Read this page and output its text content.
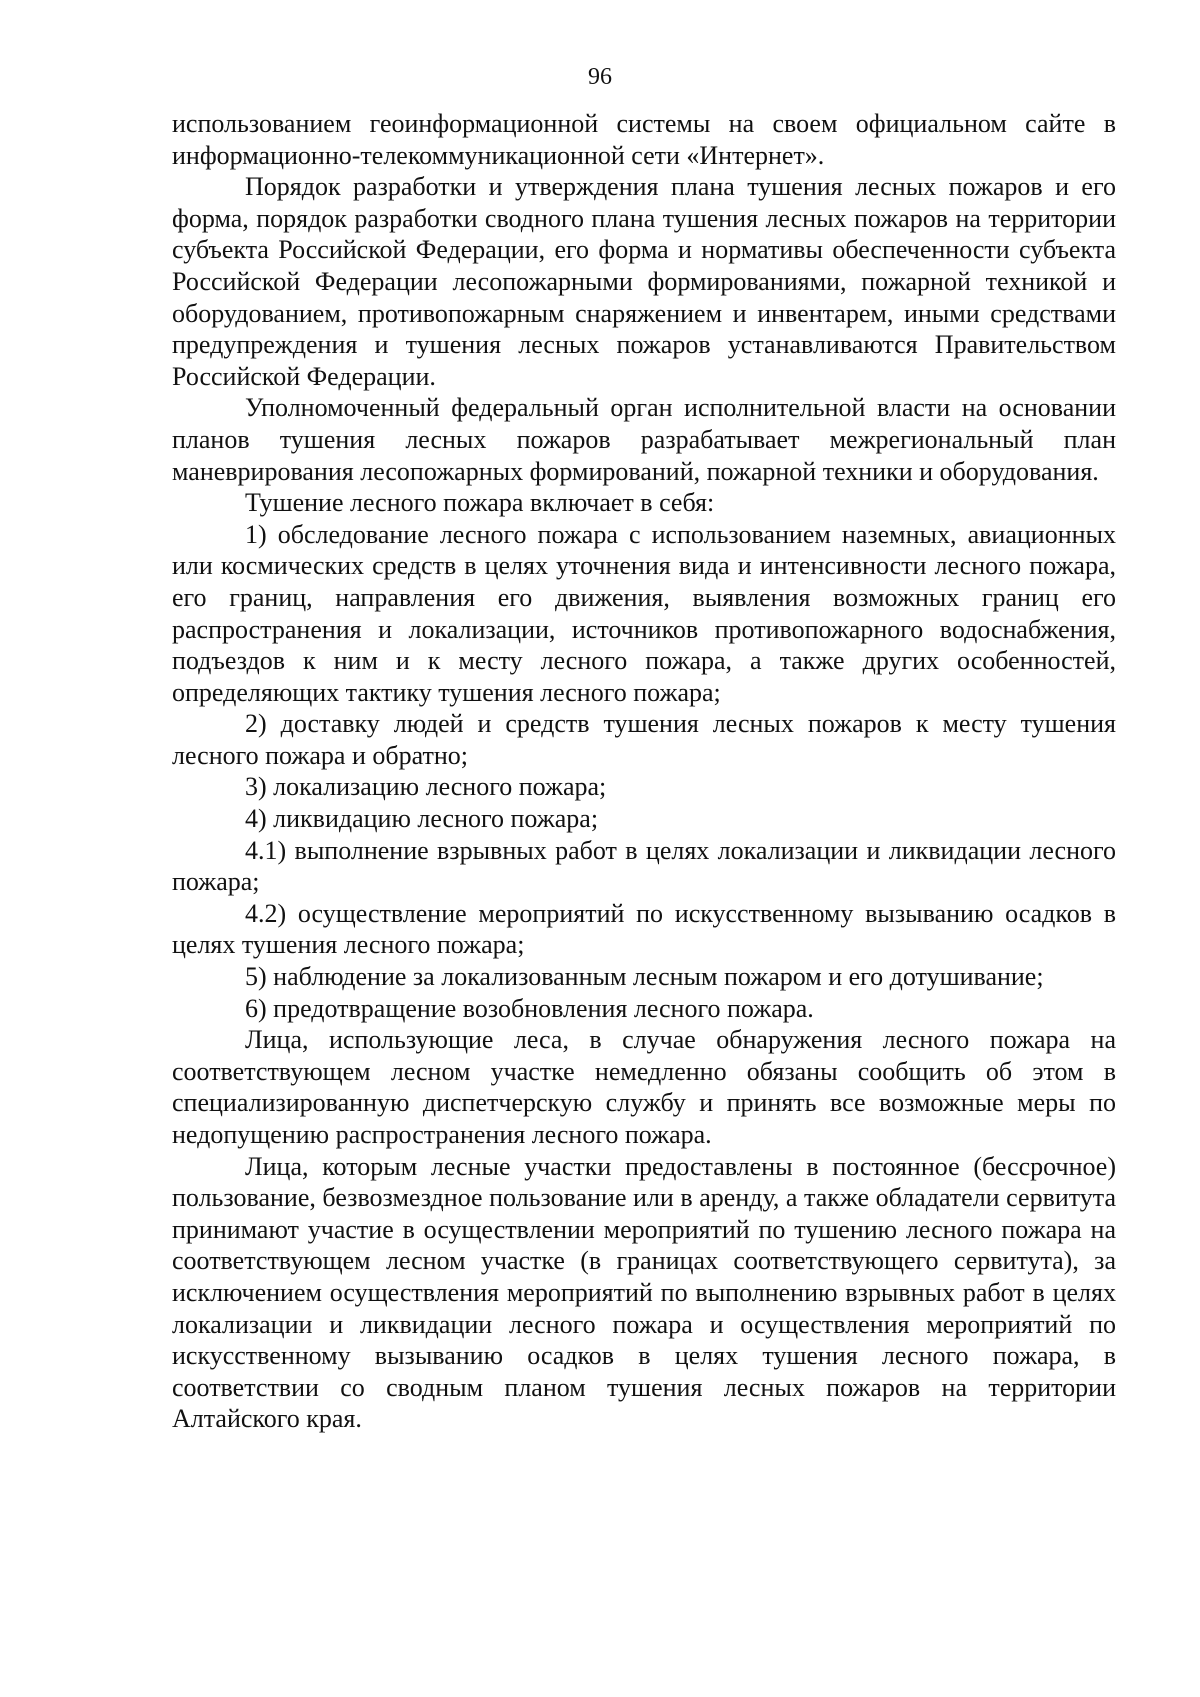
96

использованием геоинформационной системы на своем официальном сайте в информационно-телекоммуникационной сети «Интернет».

Порядок разработки и утверждения плана тушения лесных пожаров и его форма, порядок разработки сводного плана тушения лесных пожаров на территории субъекта Российской Федерации, его форма и нормативы обеспеченности субъекта Российской Федерации лесопожарными формированиями, пожарной техникой и оборудованием, противопожарным снаряжением и инвентарем, иными средствами предупреждения и тушения лесных пожаров устанавливаются Правительством Российской Федерации.

Уполномоченный федеральный орган исполнительной власти на основании планов тушения лесных пожаров разрабатывает межрегиональный план маневрирования лесопожарных формирований, пожарной техники и оборудования.

Тушение лесного пожара включает в себя:

1) обследование лесного пожара с использованием наземных, авиационных или космических средств в целях уточнения вида и интенсивности лесного пожара, его границ, направления его движения, выявления возможных границ его распространения и локализации, источников противопожарного водоснабжения, подъездов к ним и к месту лесного пожара, а также других особенностей, определяющих тактику тушения лесного пожара;

2) доставку людей и средств тушения лесных пожаров к месту тушения лесного пожара и обратно;

3) локализацию лесного пожара;

4) ликвидацию лесного пожара;

4.1) выполнение взрывных работ в целях локализации и ликвидации лесного пожара;

4.2) осуществление мероприятий по искусственному вызыванию осадков в целях тушения лесного пожара;

5) наблюдение за локализованным лесным пожаром и его дотушивание;

6) предотвращение возобновления лесного пожара.

Лица, использующие леса, в случае обнаружения лесного пожара на соответствующем лесном участке немедленно обязаны сообщить об этом в специализированную диспетчерскую службу и принять все возможные меры по недопущению распространения лесного пожара.

Лица, которым лесные участки предоставлены в постоянное (бессрочное) пользование, безвозмездное пользование или в аренду, а также обладатели сервитута принимают участие в осуществлении мероприятий по тушению лесного пожара на соответствующем лесном участке (в границах соответствующего сервитута), за исключением осуществления мероприятий по выполнению взрывных работ в целях локализации и ликвидации лесного пожара и осуществления мероприятий по искусственному вызыванию осадков в целях тушения лесного пожара, в соответствии со сводным планом тушения лесных пожаров на территории Алтайского края.
